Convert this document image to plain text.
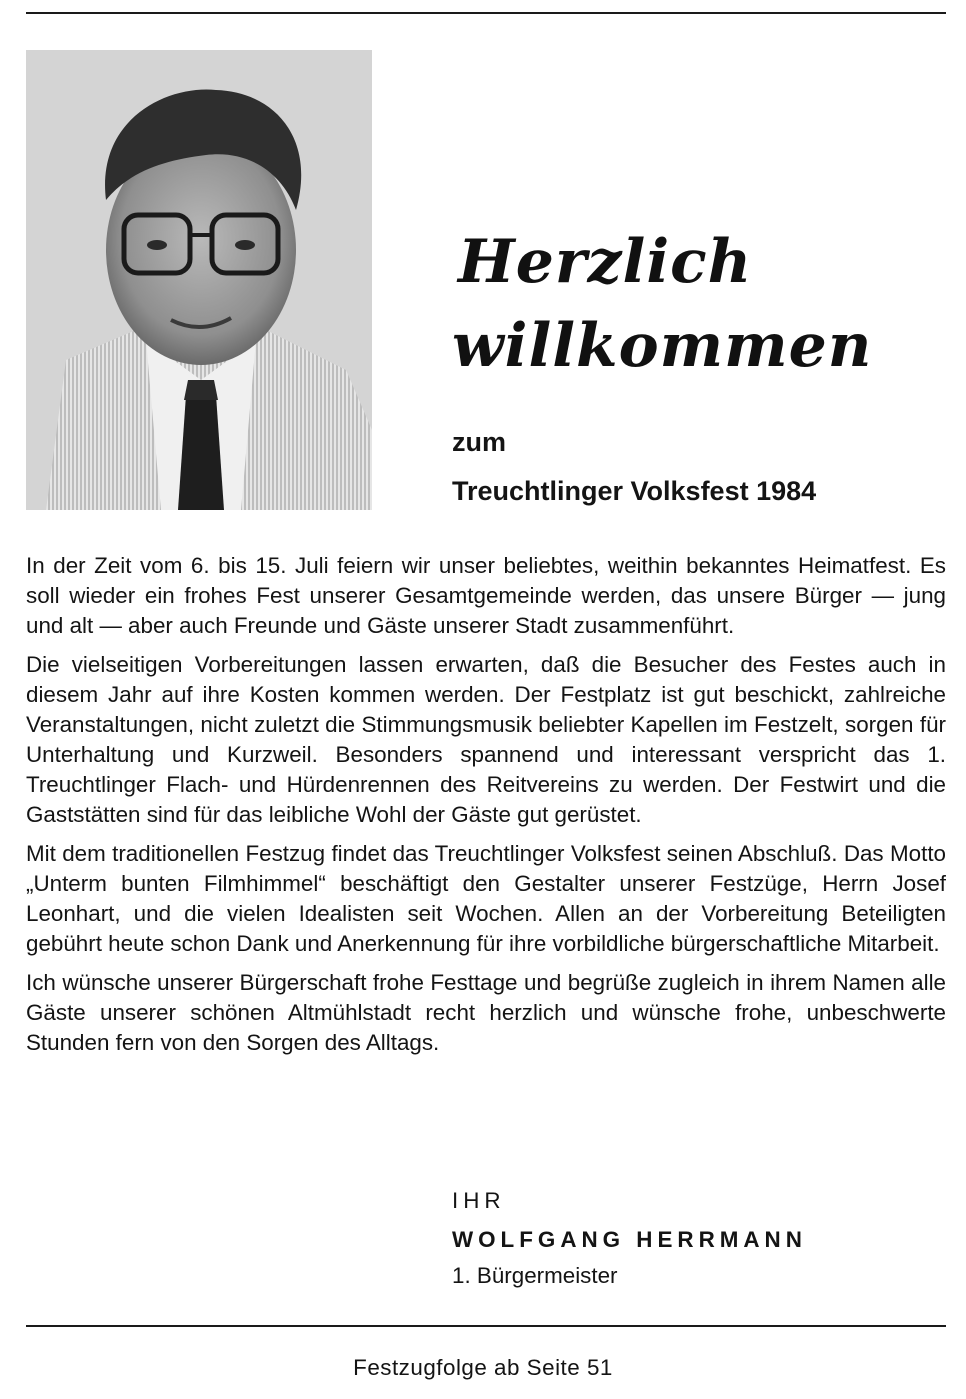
Herzlich
willkommen
zum
Treuchtlinger Volksfest 1984

In der Zeit vom 6. bis 15. Juli feiern wir unser beliebtes, weithin bekanntes Heimatfest. Es soll wieder ein frohes Fest unserer Gesamtgemeinde werden, das unsere Bürger — jung und alt — aber auch Freunde und Gäste unserer Stadt zusammenführt.

Die vielseitigen Vorbereitungen lassen erwarten, daß die Besucher des Festes auch in diesem Jahr auf ihre Kosten kommen werden. Der Festplatz ist gut beschickt, zahlreiche Veranstaltungen, nicht zuletzt die Stimmungsmusik beliebter Kapellen im Festzelt, sorgen für Unterhaltung und Kurzweil. Besonders spannend und interessant verspricht das 1. Treuchtlinger Flach- und Hürdenrennen des Reitvereins zu werden. Der Festwirt und die Gaststätten sind für das leibliche Wohl der Gäste gut gerüstet.

Mit dem traditionellen Festzug findet das Treuchtlinger Volksfest seinen Abschluß. Das Motto „Unterm bunten Filmhimmel“ beschäftigt den Gestalter unserer Festzüge, Herrn Josef Leonhart, und die vielen Idealisten seit Wochen. Allen an der Vorbereitung Beteiligten gebührt heute schon Dank und Anerkennung für ihre vorbildliche bürgerschaftliche Mitarbeit.

Ich wünsche unserer Bürgerschaft frohe Festtage und begrüße zugleich in ihrem Namen alle Gäste unserer schönen Altmühlstadt recht herzlich und wünsche frohe, unbeschwerte Stunden fern von den Sorgen des Alltags.

IHR
WOLFGANG HERRMANN
1. Bürgermeister
Festzugfolge ab Seite 51
